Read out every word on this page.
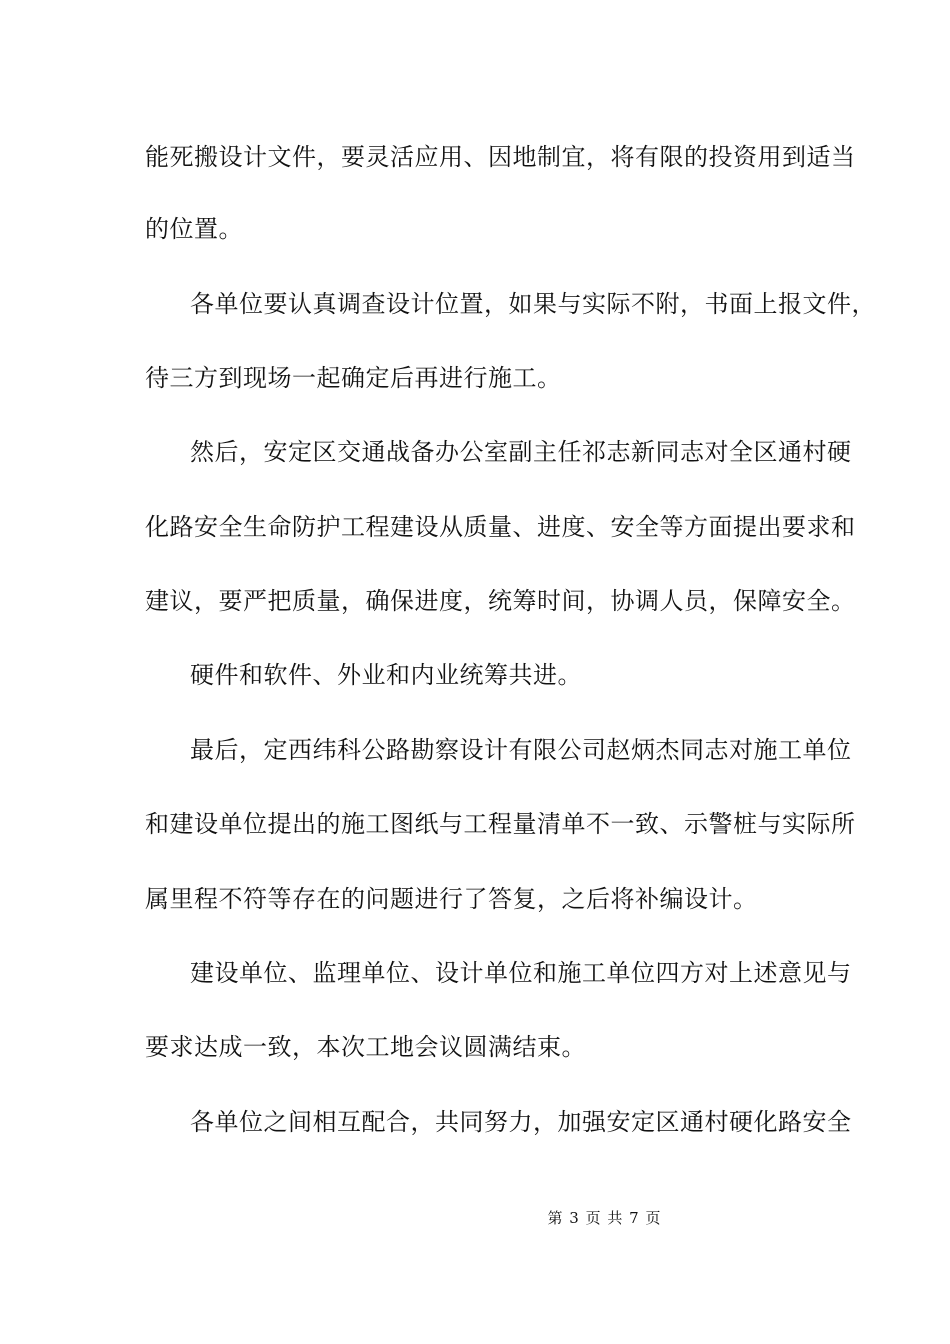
能死搬设计文件，要灵活应用、因地制宜，将有限的投资用到适当
的位置。
各单位要认真调查设计位置，如果与实际不附，书面上报文件，
待三方到现场一起确定后再进行施工。
然后，安定区交通战备办公室副主任祁志新同志对全区通村硬
化路安全生命防护工程建设从质量、进度、安全等方面提出要求和
建议，要严把质量，确保进度，统筹时间，协调人员，保障安全。
硬件和软件、外业和内业统筹共进。
最后，定西纬科公路勘察设计有限公司赵炳杰同志对施工单位
和建设单位提出的施工图纸与工程量清单不一致、示警桩与实际所
属里程不符等存在的问题进行了答复，之后将补编设计。
建设单位、监理单位、设计单位和施工单位四方对上述意见与
要求达成一致，本次工地会议圆满结束。
各单位之间相互配合，共同努力，加强安定区通村硬化路安全
第 3 页 共 7 页
